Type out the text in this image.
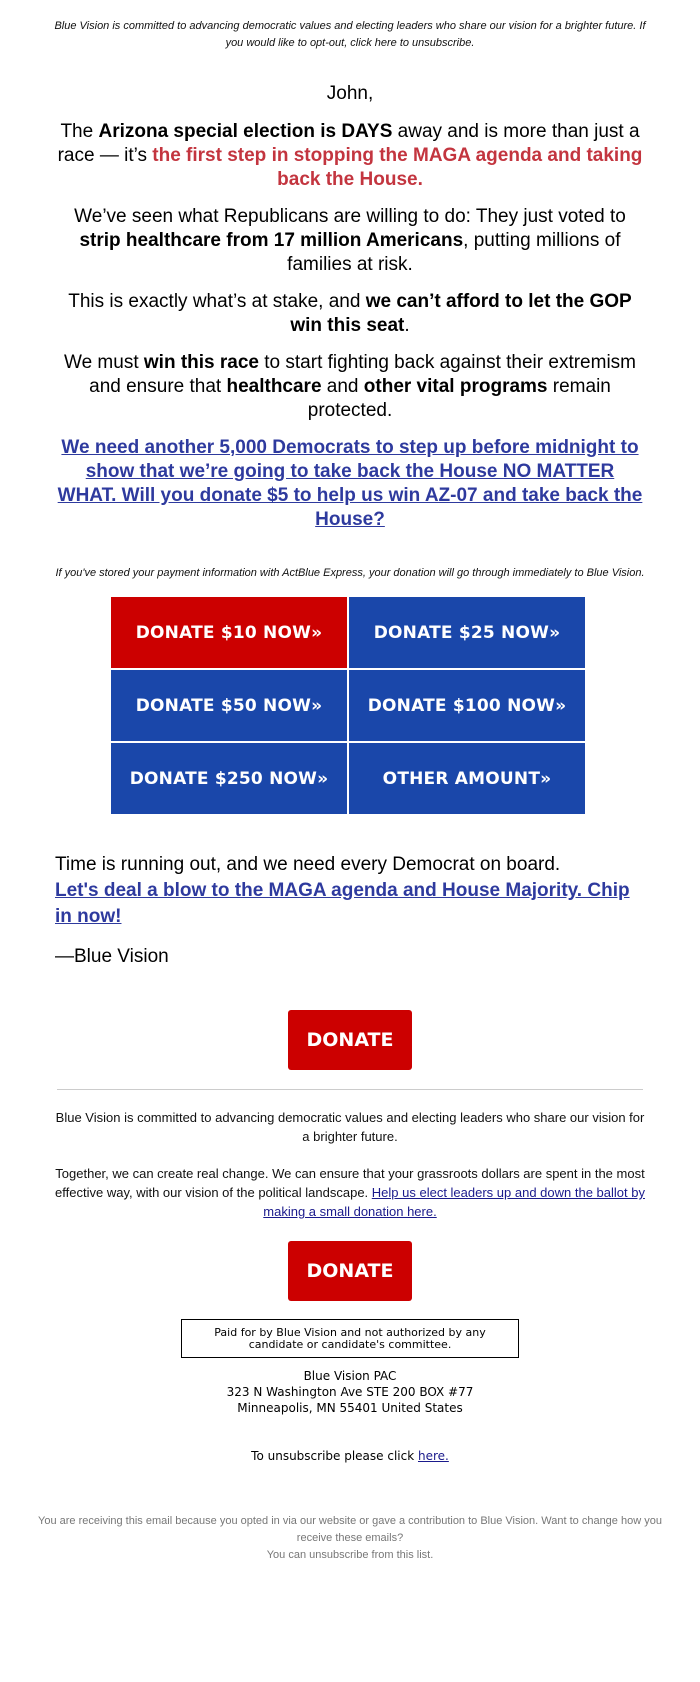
Blue Vision is committed to advancing democratic values and electing leaders who share our vision for a brighter future. If you would like to opt-out, click here to unsubscribe.

John,

The Arizona special election is DAYS away and is more than just a race — it’s the first step in stopping the MAGA agenda and taking back the House.

We’ve seen what Republicans are willing to do: They just voted to strip healthcare from 17 million Americans, putting millions of families at risk.

This is exactly what’s at stake, and we can’t afford to let the GOP win this seat.

We must win this race to start fighting back against their extremism and ensure that healthcare and other vital programs remain protected.

We need another 5,000 Democrats to step up before midnight to show that we’re going to take back the House NO MATTER WHAT. Will you donate $5 to help us win AZ-07 and take back the House?

If you've stored your payment information with ActBlue Express, your donation will go through immediately to Blue Vision.
DONATE $10 NOW»	DONATE $25 NOW»
DONATE $50 NOW»	DONATE $100 NOW»
DONATE $250 NOW»	OTHER AMOUNT»

Time is running out, and we need every Democrat on board.
Let's deal a blow to the MAGA agenda and House Majority. Chip in now!

—Blue Vision

DONATE

Blue Vision is committed to advancing democratic values and electing leaders who share our vision for a brighter future.

Together, we can create real change. We can ensure that your grassroots dollars are spent in the most effective way, with our vision of the political landscape. Help us elect leaders up and down the ballot by making a small donation here.

DONATE
Paid for by Blue Vision and not authorized by any candidate or candidate's committee.
Blue Vision PAC
323 N Washington Ave STE 200 BOX #77
Minneapolis, MN 55401 United States
To unsubscribe please click here.
You are receiving this email because you opted in via our website or gave a contribution to Blue Vision. Want to change how you receive these emails?
You can unsubscribe from this list.
